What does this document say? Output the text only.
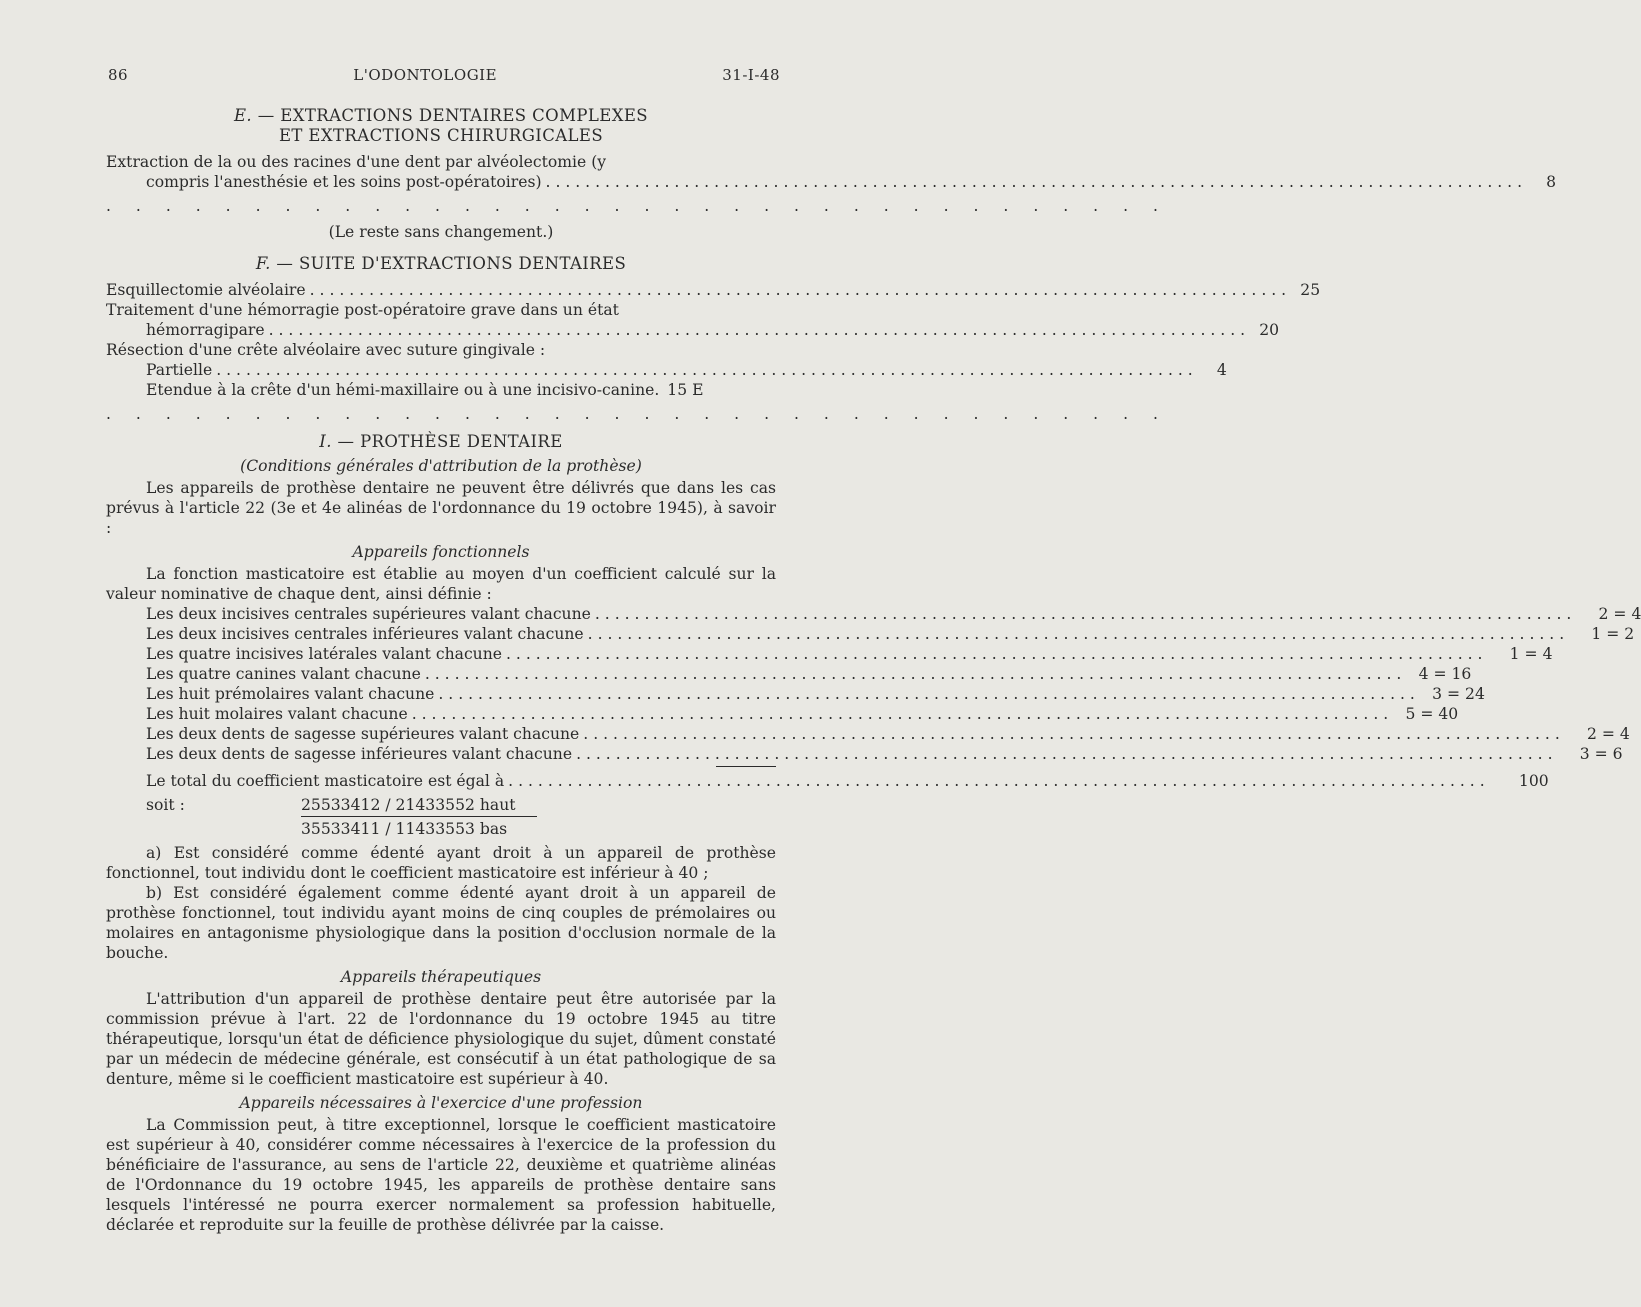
86	L'ODONTOLOGIE	31-I-48
E. — EXTRACTIONS DENTAIRES COMPLEXES
ET EXTRACTIONS CHIRURGICALES
Extraction de la ou des racines d'une dent par alvéolectomie (y
compris l'anesthésie et les soins post-opératoires) . . .	8
. . . . . . . . . . . . . . . . . . . . . . . . . . . . . . . . . . . .
(Le reste sans changement.)
F. — SUITE D'EXTRACTIONS DENTAIRES
Esquillectomie alvéolaire . . .	25
Traitement d'une hémorragie post-opératoire grave dans un état
hémorragipare . . .	20
Résection d'une crête alvéolaire avec suture gingivale :
Partielle . . .	4
Etendue à la crête d'un hémi-maxillaire ou à une incisivo-canine. 15 E
. . . . . . . . . . . . . . . . . . . . . . . . . . . . . . . . . . . .
I. — PROTHÈSE DENTAIRE
(Conditions générales d'attribution de la prothèse)

Les appareils de prothèse dentaire ne peuvent être délivrés que dans les cas prévus à l'article 22 (3e et 4e alinéas de l'ordonnance du 19 octobre 1945), à savoir :

Appareils fonctionnels

La fonction masticatoire est établie au moyen d'un coefficient calculé sur la valeur nominative de chaque dent, ainsi définie :

Les deux incisives centrales supérieures valant chacune . . .	2 = 4
Les deux incisives centrales inférieures valant chacune . . .	1 = 2
Les quatre incisives latérales valant chacune . . .	1 = 4
Les quatre canines valant chacune . . .	4 = 16
Les huit prémolaires valant chacune . . .	3 = 24
Les huit molaires valant chacune . . .	5 = 40
Les deux dents de sagesse supérieures valant chacune . . .	2 = 4
Les deux dents de sagesse inférieures valant chacune . . .	3 = 6
Le total du coefficient masticatoire est égal à . . .	100
soit :	25533412 / 21433552 haut
35533411 / 11433553 bas

a) Est considéré comme édenté ayant droit à un appareil de prothèse fonctionnel, tout individu dont le coefficient masticatoire est inférieur à 40 ;

b) Est considéré également comme édenté ayant droit à un appareil de prothèse fonctionnel, tout individu ayant moins de cinq couples de prémolaires ou molaires en antagonisme physiologique dans la position d'occlusion normale de la bouche.

Appareils thérapeutiques

L'attribution d'un appareil de prothèse dentaire peut être autorisée par la commission prévue à l'art. 22 de l'ordonnance du 19 octobre 1945 au titre thérapeutique, lorsqu'un état de déficience physiologique du sujet, dûment constaté par un médecin de médecine générale, est consécutif à un état pathologique de sa denture, même si le coefficient masticatoire est supérieur à 40.

Appareils nécessaires à l'exercice d'une profession

La Commission peut, à titre exceptionnel, lorsque le coefficient masticatoire est supérieur à 40, considérer comme nécessaires à l'exercice de la profession du bénéficiaire de l'assurance, au sens de l'article 22, deuxième et quatrième alinéas de l'Ordonnance du 19 octobre 1945, les appareils de prothèse dentaire sans lesquels l'intéressé ne pourra exercer normalement sa profession habituelle, déclarée et reproduite sur la feuille de prothèse délivrée par la caisse.
